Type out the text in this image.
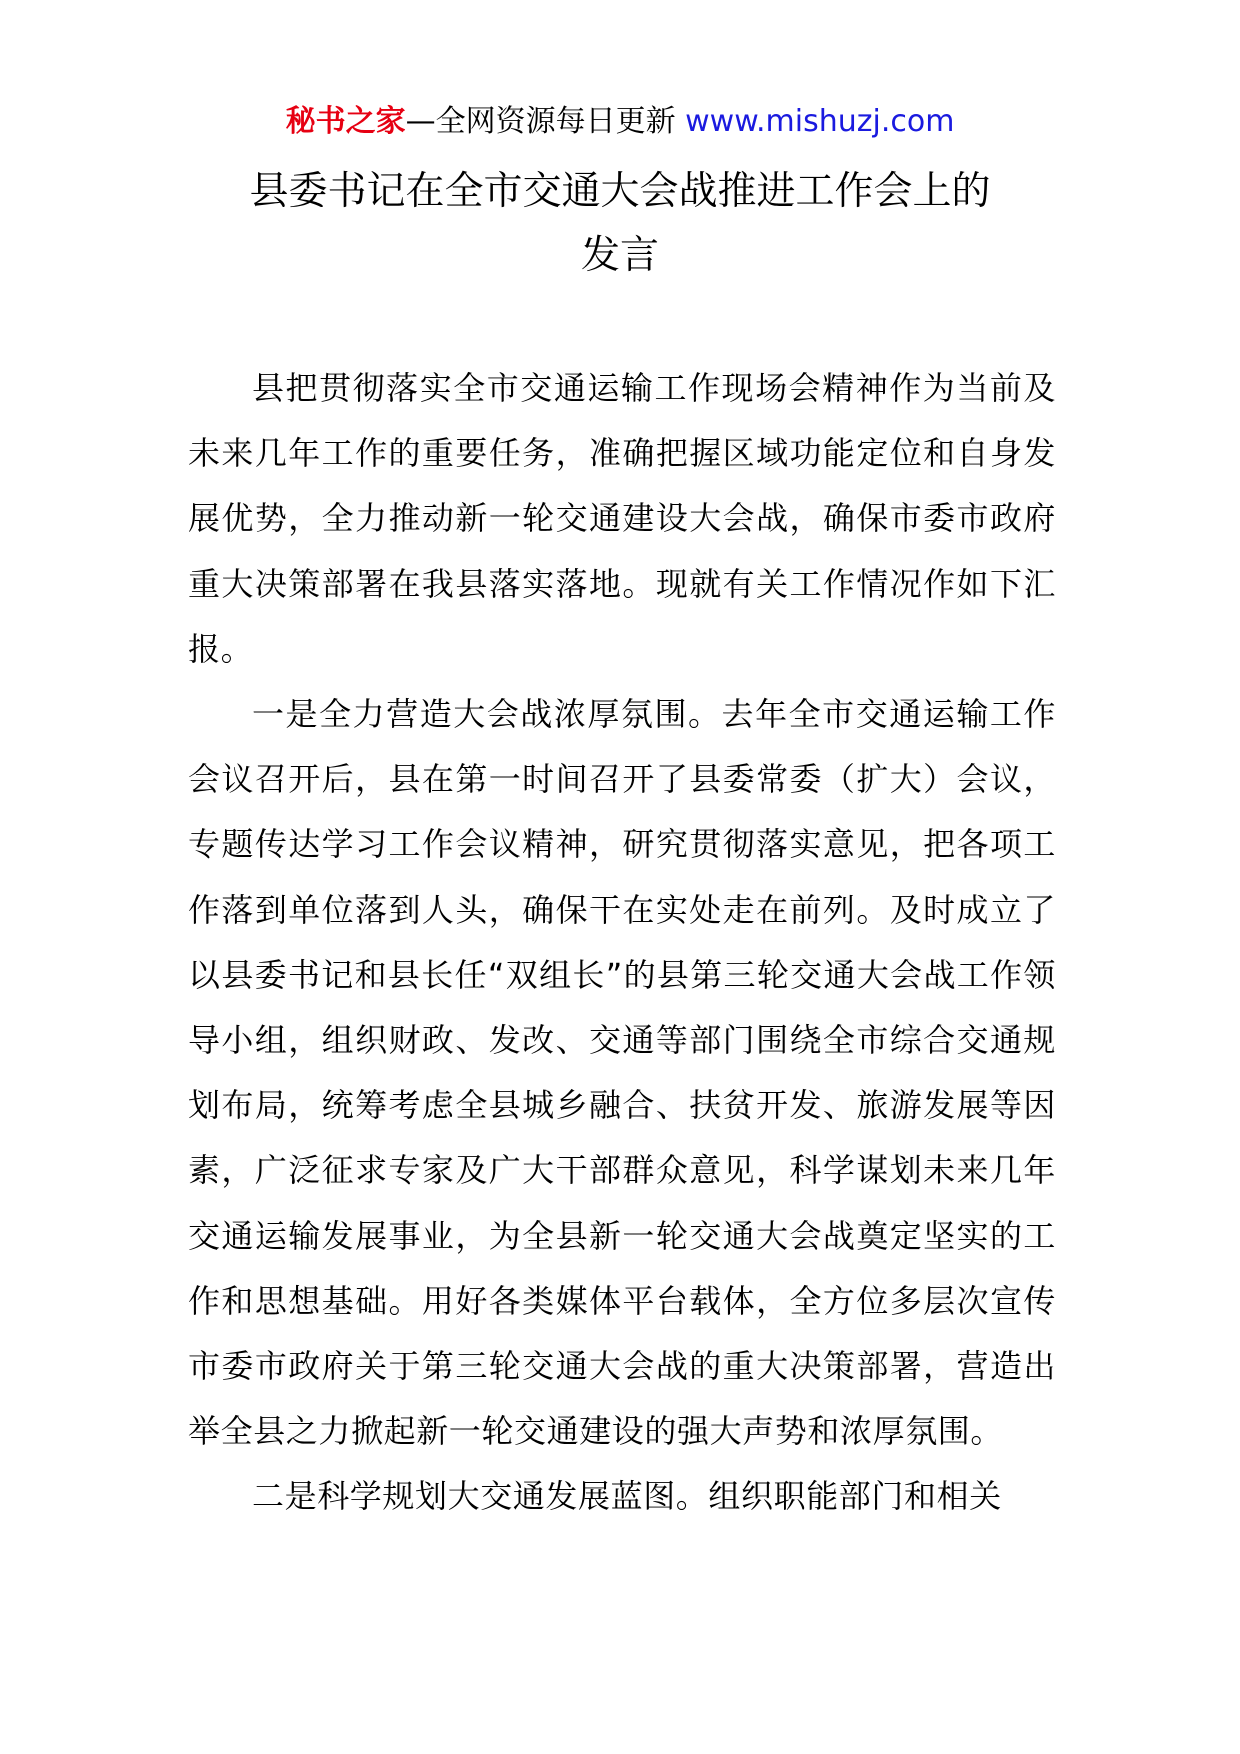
秘书之家—全网资源每日更新 www.mishuzj.com
县委书记在全市交通大会战推进工作会上的
发言

县把贯彻落实全市交通运输工作现场会精神作为当前及未来几年工作的重要任务，准确把握区域功能定位和自身发展优势，全力推动新一轮交通建设大会战，确保市委市政府重大决策部署在我县落实落地。现就有关工作情况作如下汇报。

一是全力营造大会战浓厚氛围。去年全市交通运输工作会议召开后，县在第一时间召开了县委常委（扩大）会议，专题传达学习工作会议精神，研究贯彻落实意见，把各项工作落到单位落到人头，确保干在实处走在前列。及时成立了以县委书记和县长任“双组长”的县第三轮交通大会战工作领导小组，组织财政、发改、交通等部门围绕全市综合交通规划布局，统筹考虑全县城乡融合、扶贫开发、旅游发展等因素，广泛征求专家及广大干部群众意见，科学谋划未来几年交通运输发展事业，为全县新一轮交通大会战奠定坚实的工作和思想基础。用好各类媒体平台载体，全方位多层次宣传市委市政府关于第三轮交通大会战的重大决策部署，营造出举全县之力掀起新一轮交通建设的强大声势和浓厚氛围。

二是科学规划大交通发展蓝图。组织职能部门和相关
